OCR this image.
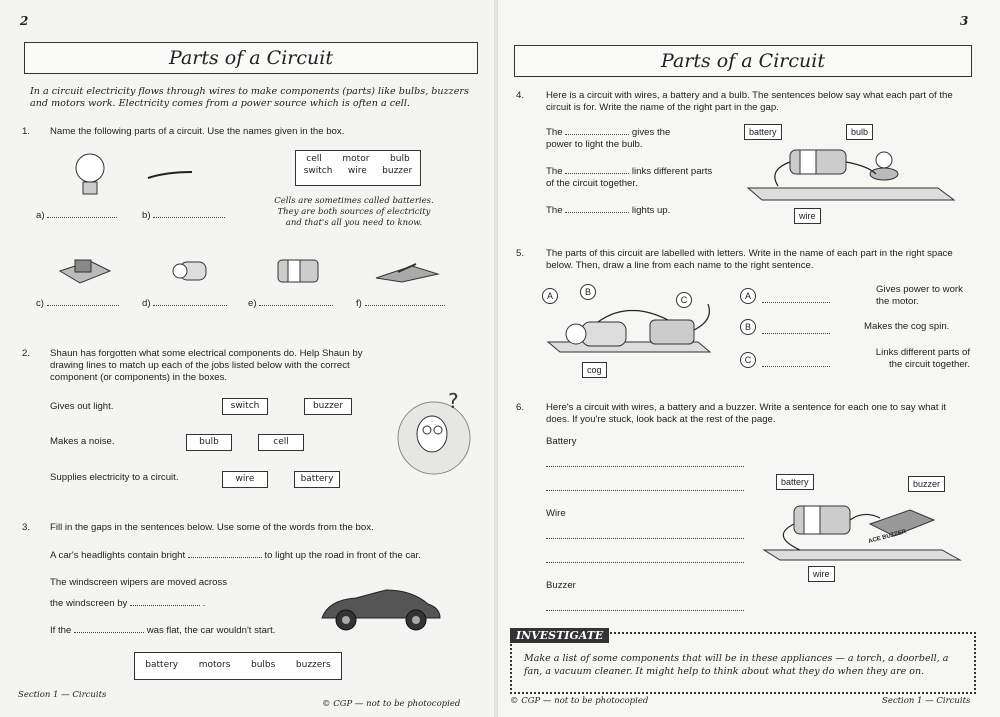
2
Parts of a Circuit
In a circuit electricity flows through wires to make components (parts) like bulbs, buzzers and motors work. Electricity comes from a power source which is often a cell.
1. Name the following parts of a circuit. Use the names given in the box.
cell motor bulb
switch wire buzzer
Cells are sometimes called batteries. They are both sources of electricity and that's all you need to know.
a)	b)
c)	d)	e)	f)
2. Shaun has forgotten what some electrical components do. Help Shaun by drawing lines to match up each of the jobs listed below with the correct component (or components) in the boxes.
Gives out light.
Makes a noise.
Supplies electricity to a circuit.
switch	buzzer
bulb	cell
wire	battery
?
3. Fill in the gaps in the sentences below. Use some of the words from the box.
A car's headlights contain bright	to light up the road in front of the car.
The windscreen wipers are moved across
the windscreen by	.
If the	was flat, the car wouldn't start.
battery motors bulbs buzzers
Section 1 — Circuits
© CGP — not to be photocopied
3
Parts of a Circuit
4. Here is a circuit with wires, a battery and a bulb. The sentences below say what each part of the circuit is for. Write the name of the right part in the gap.
The	gives the
power to light the bulb.
The	links different parts
of the circuit together.
The	lights up.
battery	bulb
wire
5. The parts of this circuit are labelled with letters. Write in the name of each part in the right space below. Then, draw a line from each name to the right sentence.
A	B
C
cog
A
B
C
Gives power to work the motor.
Makes the cog spin.
Links different parts of the circuit together.
6. Here's a circuit with wires, a battery and a buzzer. Write a sentence for each one to say what it does. If you're stuck, look back at the rest of the page.
Battery
Wire
Buzzer
battery	buzzer
wire
ACE BUZZER
INVESTIGATE
Make a list of some components that will be in these appliances — a torch, a doorbell, a fan, a vacuum cleaner. It might help to think about what they do when they are on.
© CGP — not to be photocopied	Section 1 — Circuits
